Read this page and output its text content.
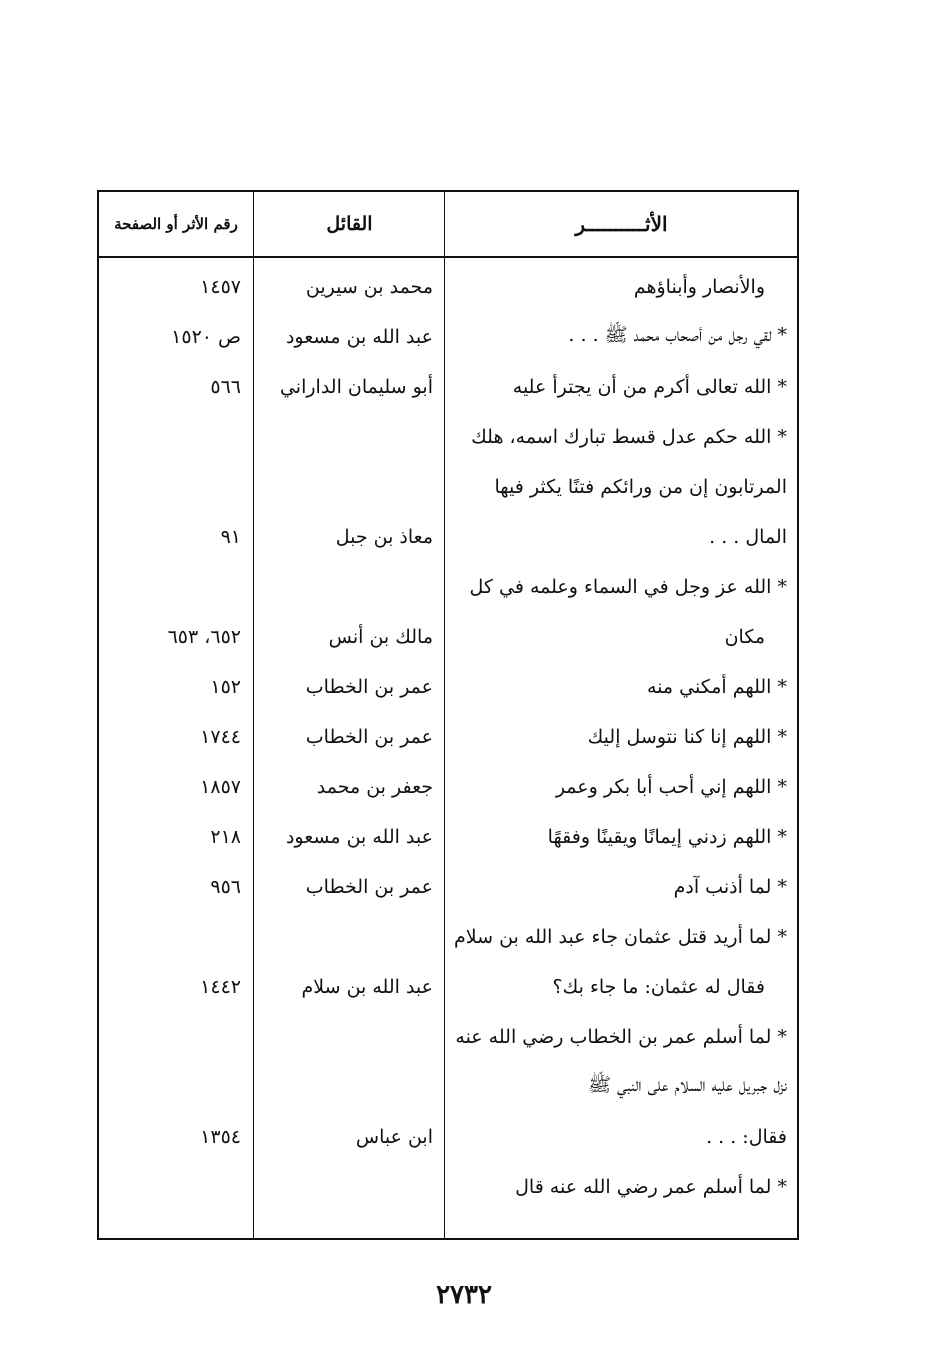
الأثــــــــــر
القائل
رقم الأثر أو الصفحة
والأنصار وأبناؤهم
محمد بن سيرين
١٤٥٧
* لقي رجل من أصحاب محمد ﷺ . . .
عبد الله بن مسعود
ص ١٥٢٠
* الله تعالى أكرم من أن يجترأ عليه
أبو سليمان الداراني
٥٦٦
* الله حكم عدل قسط تبارك اسمه، هلك
المرتابون إن من ورائكم فتنًا يكثر فيها
المال . . .
معاذ بن جبل
٩١
* الله عز وجل في السماء وعلمه في كل
مكان
مالك بن أنس
٦٥٢، ٦٥٣
* اللهم أمكني منه
عمر بن الخطاب
١٥٢
* اللهم إنا كنا نتوسل إليك
عمر بن الخطاب
١٧٤٤
* اللهم إني أحب أبا بكر وعمر
جعفر بن محمد
١٨٥٧
* اللهم زدني إيمانًا ويقينًا وفقهًا
عبد الله بن مسعود
٢١٨
* لما أذنب آدم
عمر بن الخطاب
٩٥٦
* لما أريد قتل عثمان جاء عبد الله بن سلام
فقال له عثمان: ما جاء بك؟
عبد الله بن سلام
١٤٤٢
* لما أسلم عمر بن الخطاب رضي الله عنه
نزل جبريل عليه السلام على النبي ﷺ
فقال: . . .
ابن عباس
١٣٥٤
* لما أسلم عمر رضي الله عنه قال
٢٧٣٢
